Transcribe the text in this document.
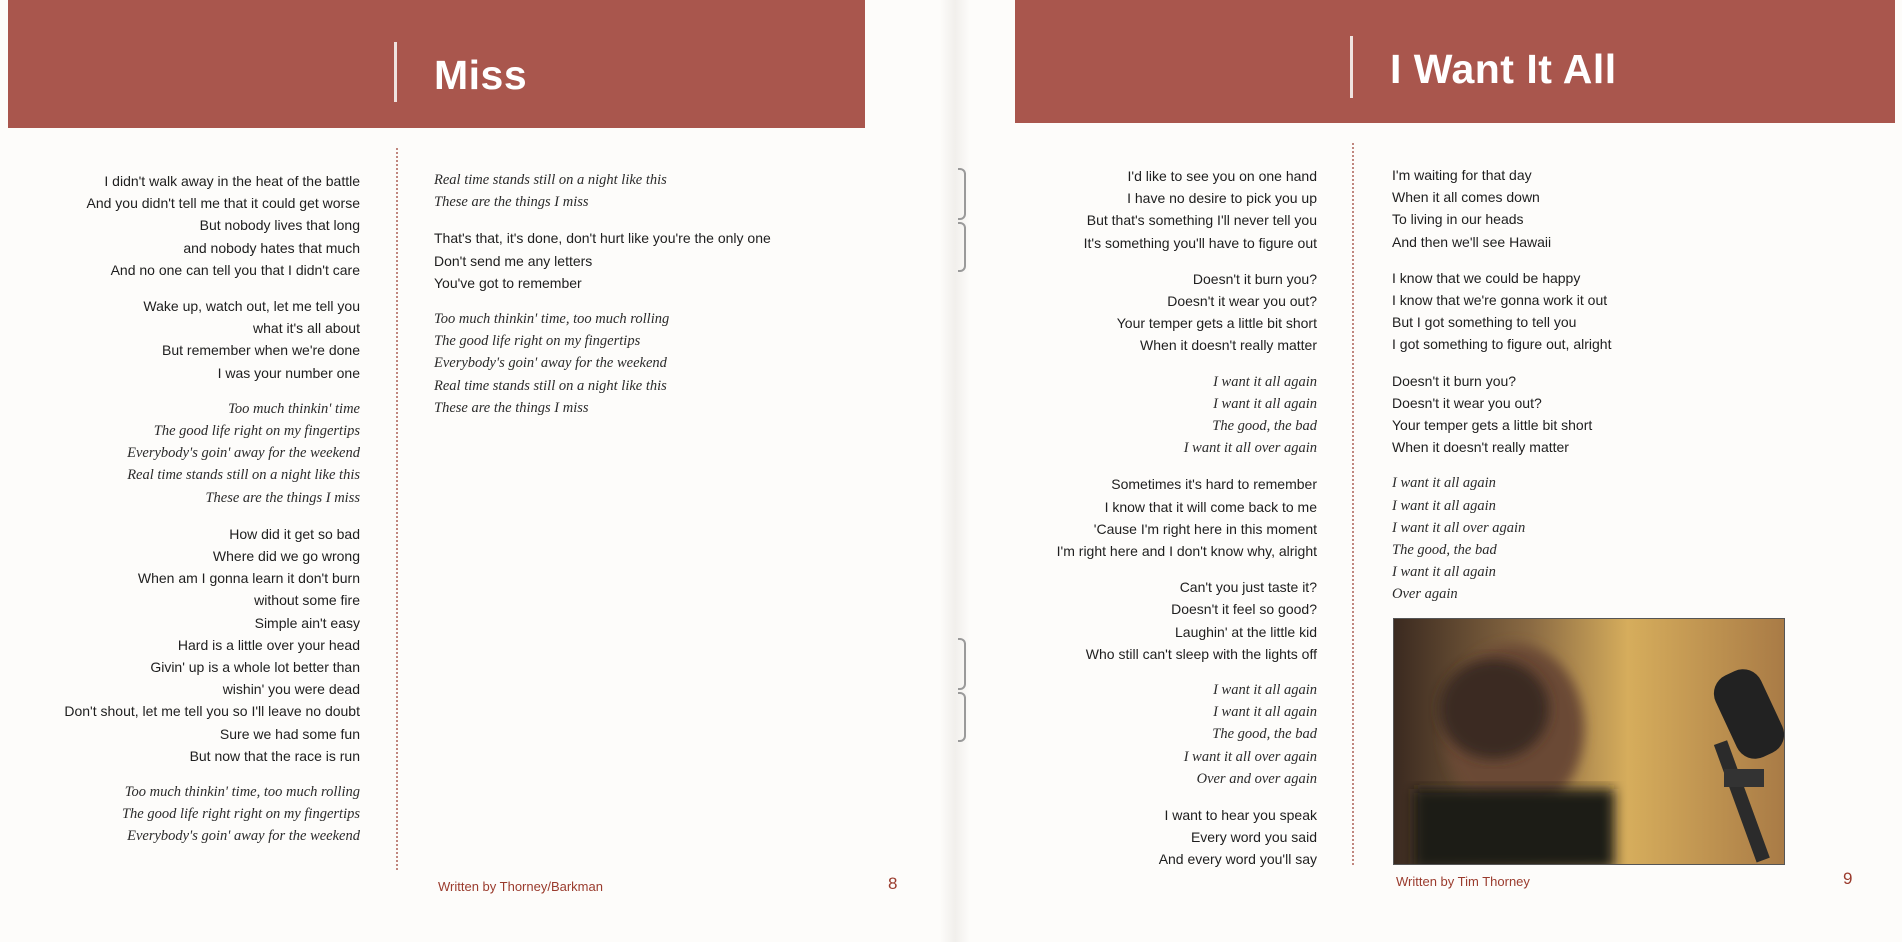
Miss	I Want It All

I didn't walk away in the heat of the battle

And you didn't tell me that it could get worse

But nobody lives that long

and nobody hates that much

And no one can tell you that I didn't care

Wake up, watch out, let me tell you

what it's all about

But remember when we're done

I was your number one

Too much thinkin' time

The good life right on my fingertips

Everybody's goin' away for the weekend

Real time stands still on a night like this

These are the things I miss

How did it get so bad

Where did we go wrong

When am I gonna learn it don't burn

without some fire

Simple ain't easy

Hard is a little over your head

Givin' up is a whole lot better than

wishin' you were dead

Don't shout, let me tell you so I'll leave no doubt

Sure we had some fun

But now that the race is run

Too much thinkin' time, too much rolling

The good life right right on my fingertips

Everybody's goin' away for the weekend

Real time stands still on a night like this

These are the things I miss

That's that, it's done, don't hurt like you're the only one

Don't send me any letters

You've got to remember

Too much thinkin' time, too much rolling

The good life right on my fingertips

Everybody's goin' away for the weekend

Real time stands still on a night like this

These are the things I miss

I'd like to see you on one hand

I have no desire to pick you up

But that's something I'll never tell you

It's something you'll have to figure out

Doesn't it burn you?

Doesn't it wear you out?

Your temper gets a little bit short

When it doesn't really matter

I want it all again

I want it all again

The good, the bad

I want it all over again

Sometimes it's hard to remember

I know that it will come back to me

'Cause I'm right here in this moment

I'm right here and I don't know why, alright

Can't you just taste it?

Doesn't it feel so good?

Laughin' at the little kid

Who still can't sleep with the lights off

I want it all again

I want it all again

The good, the bad

I want it all over again

Over and over again

I want to hear you speak

Every word you said

And every word you'll say

I'm waiting for that day

When it all comes down

To living in our heads

And then we'll see Hawaii

I know that we could be happy

I know that we're gonna work it out

But I got something to tell you

I got something to figure out, alright

Doesn't it burn you?

Doesn't it wear you out?

Your temper gets a little bit short

When it doesn't really matter

I want it all again

I want it all again

I want it all over again

The good, the bad

I want it all again

Over again

Written by Thorney/Barkman	8	Written by Tim Thorney	9
